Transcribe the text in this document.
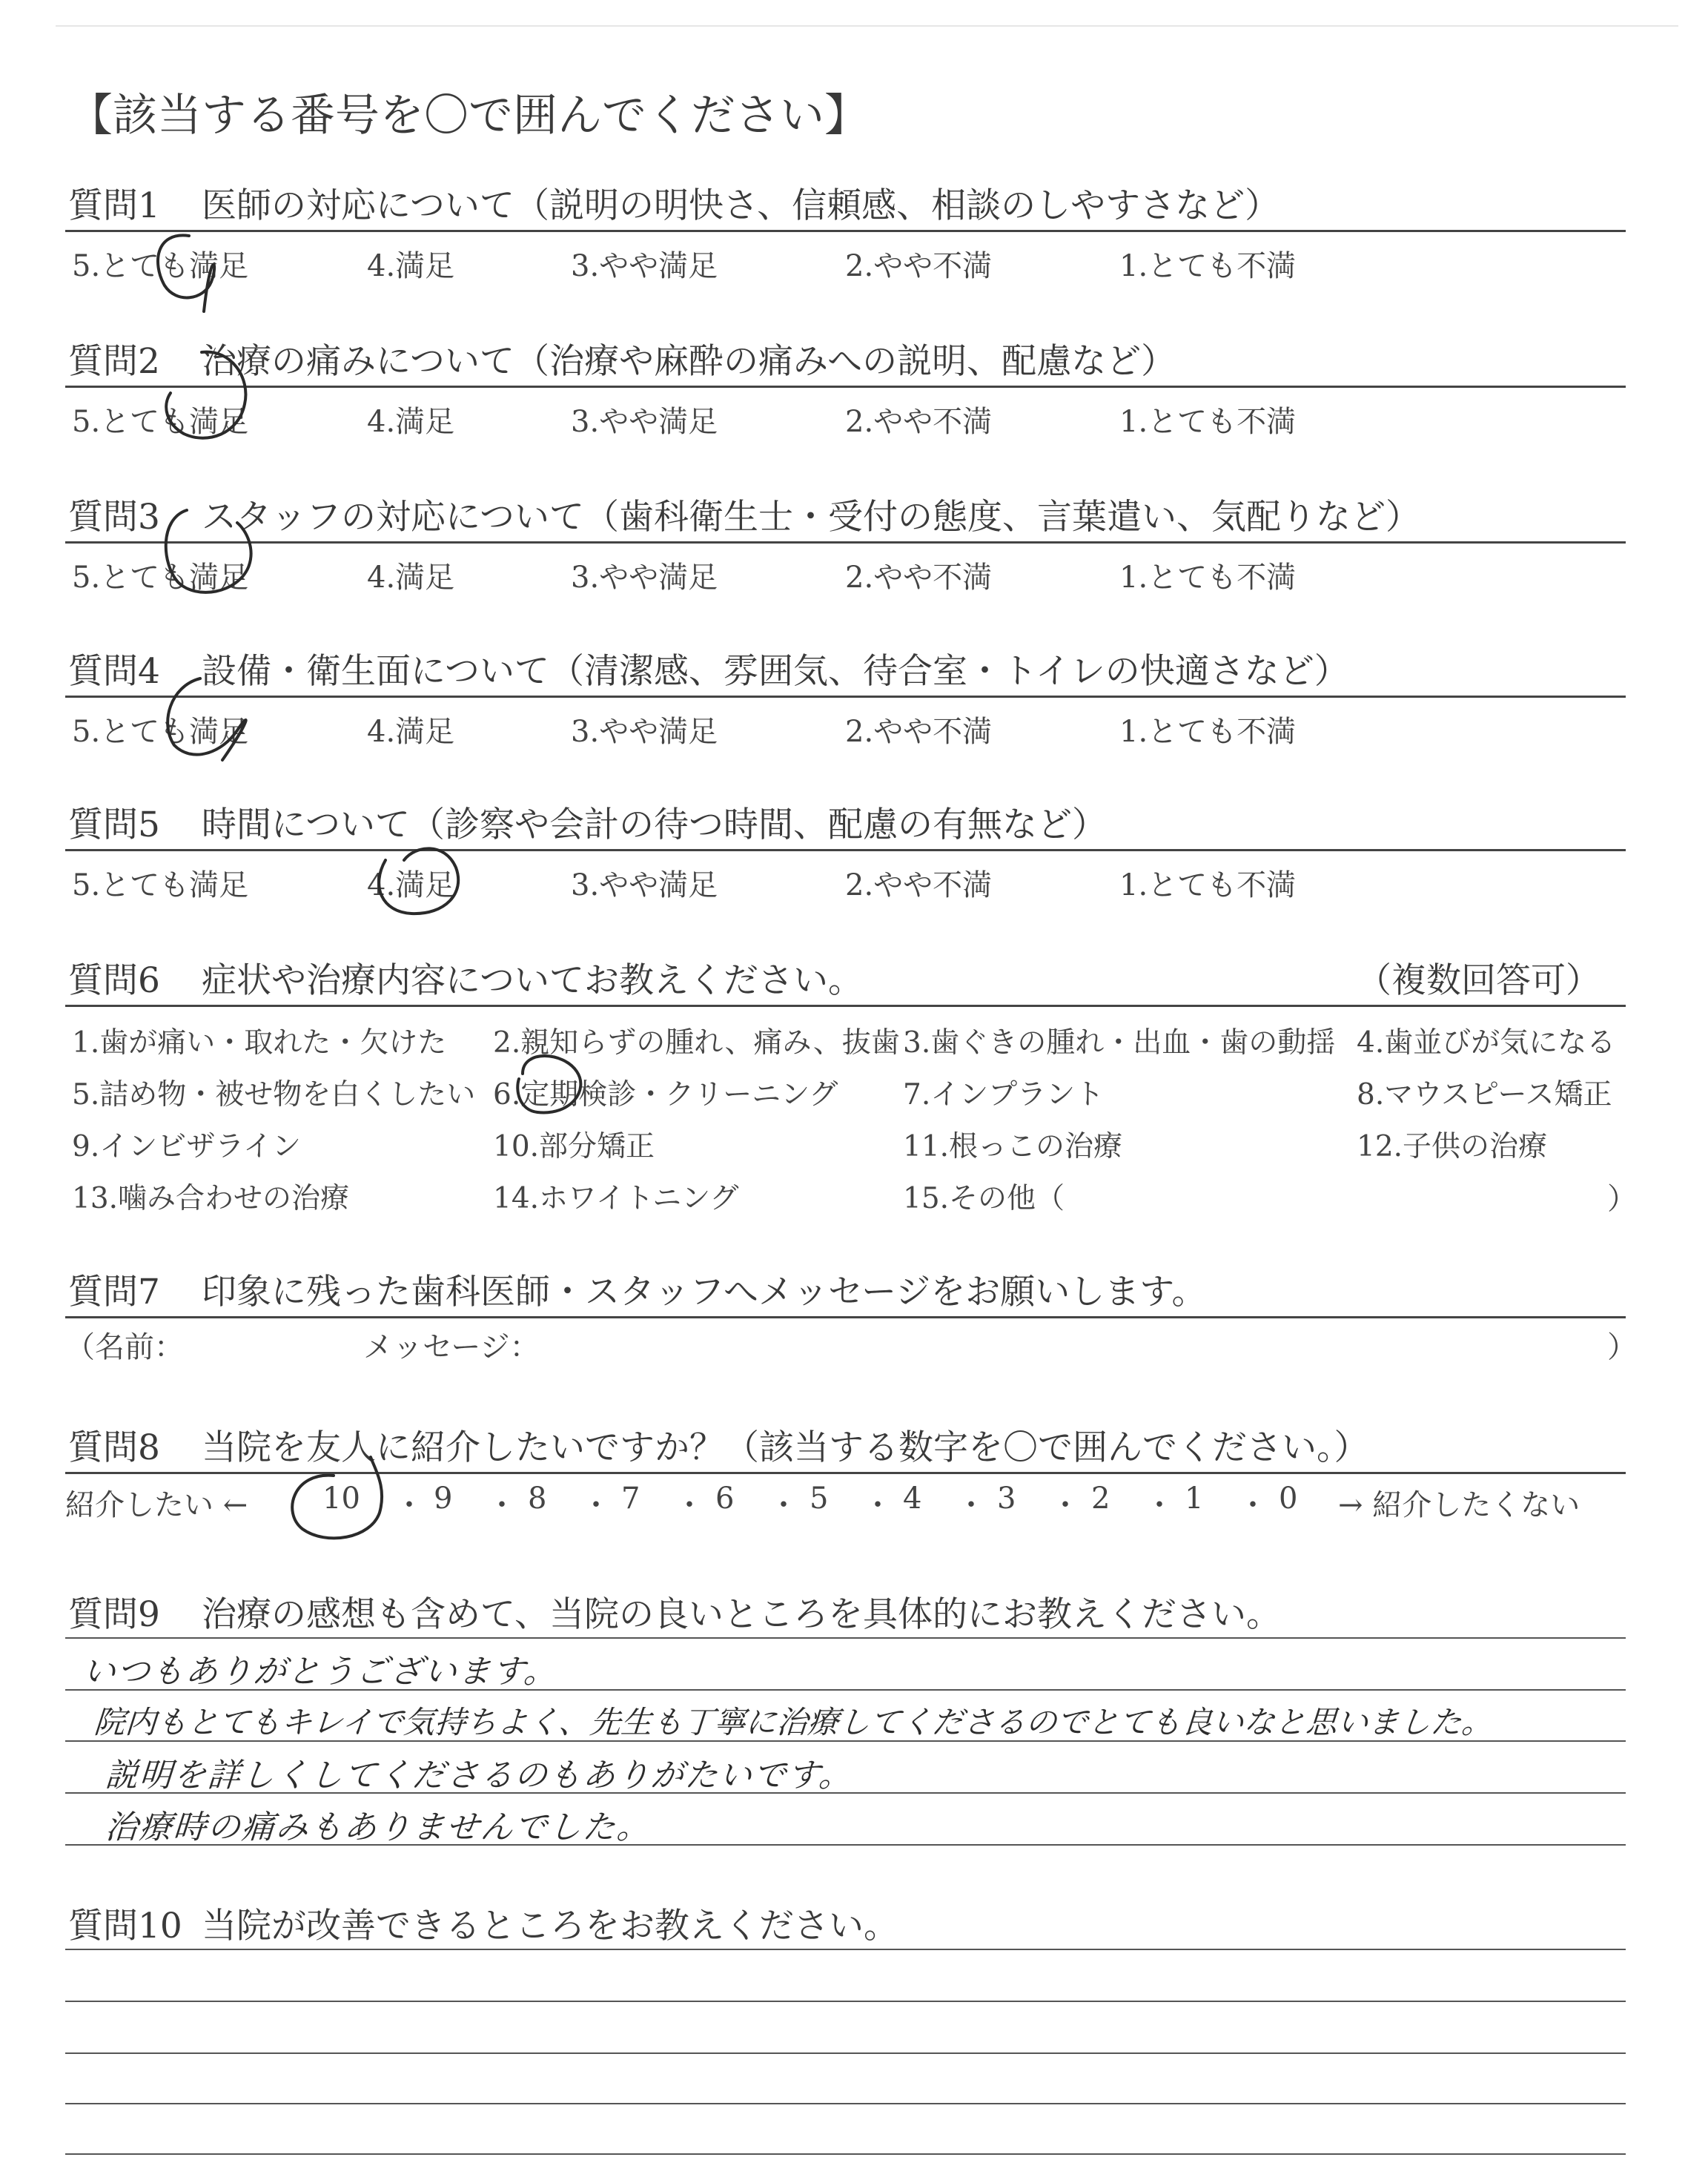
【該当する番号を〇で囲んでください】
質問1 医師の対応について（説明の明快さ、信頼感、相談のしやすさなど）
5.とても満足	4.満足	3.やや満足	2.やや不満	1.とても不満
質問2 治療の痛みについて（治療や麻酔の痛みへの説明、配慮など）
5.とても満足	4.満足	3.やや満足	2.やや不満	1.とても不満
質問3 スタッフの対応について（歯科衛生士・受付の態度、言葉遣い、気配りなど）
5.とても満足	4.満足	3.やや満足	2.やや不満	1.とても不満
質問4 設備・衛生面について（清潔感、雰囲気、待合室・トイレの快適さなど）
5.とても満足	4.満足	3.やや満足	2.やや不満	1.とても不満
質問5 時間について（診察や会計の待つ時間、配慮の有無など）
5.とても満足	4.満足	3.やや満足	2.やや不満	1.とても不満
質問6 症状や治療内容についてお教えください。	（複数回答可）
1.歯が痛い・取れた・欠けた 2.親知らずの腫れ、痛み、抜歯 3.歯ぐきの腫れ・出血・歯の動揺 4.歯並びが気になる
5.詰め物・被せ物を白くしたい 6.定期検診・クリーニング 7.インプラント	8.マウスピース矯正
9.インビザライン	10.部分矯正	11.根っこの治療	12.子供の治療
13.噛み合わせの治療	14.ホワイトニング	15.その他（	）
質問7 印象に残った歯科医師・スタッフへメッセージをお願いします。
（名前：	メッセージ：	）
質問8 当院を友人に紹介したいですか？（該当する数字を〇で囲んでください。）
紹介したい ←	10 ・ 9 ・ 8 ・ 7 ・ 6 ・ 5 ・ 4 ・ 3 ・ 2 ・ 1 ・ 0 → 紹介したくない
質問9 治療の感想も含めて、当院の良いところを具体的にお教えください。
いつもありがとうございます。
院内もとてもキレイで気持ちよく、先生も丁寧に治療してくださるのでとても良いなと思いました。
説明を詳しくしてくださるのもありがたいです。
治療時の痛みもありませんでした。
質問10 当院が改善できるところをお教えください。
